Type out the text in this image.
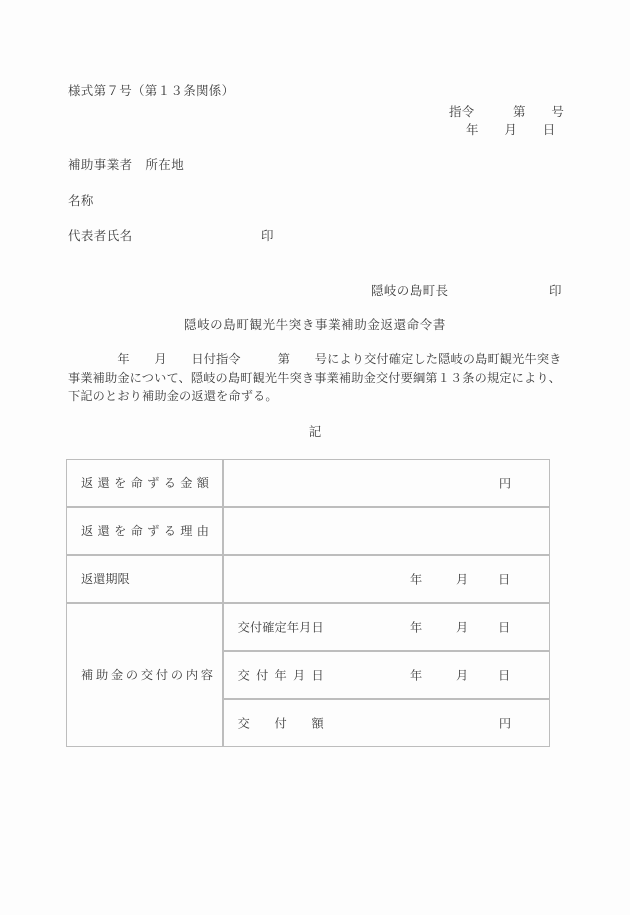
様式第７号（第１３条関係）
指令　　　第　　号
年　　月　　日
補助事業者　所在地
名称
代表者氏名	印
隠岐の島町長	印
隠岐の島町観光牛突き事業補助金返還命令書
　　　　年　　月　　日付指令　　　第　　号により交付確定した隠岐の島町観光牛突き
事業補助金について、隠岐の島町観光牛突き事業補助金交付要綱第１３条の規定により、
下記のとおり補助金の返還を命ずる。
記
返還を命ずる金額	円

返還を命ずる理由	

返還期限	年 月 日

補助金の交付の内容	交付確定年月日 年 月 日

	交付年月日 年 月 日

	交付額 円
